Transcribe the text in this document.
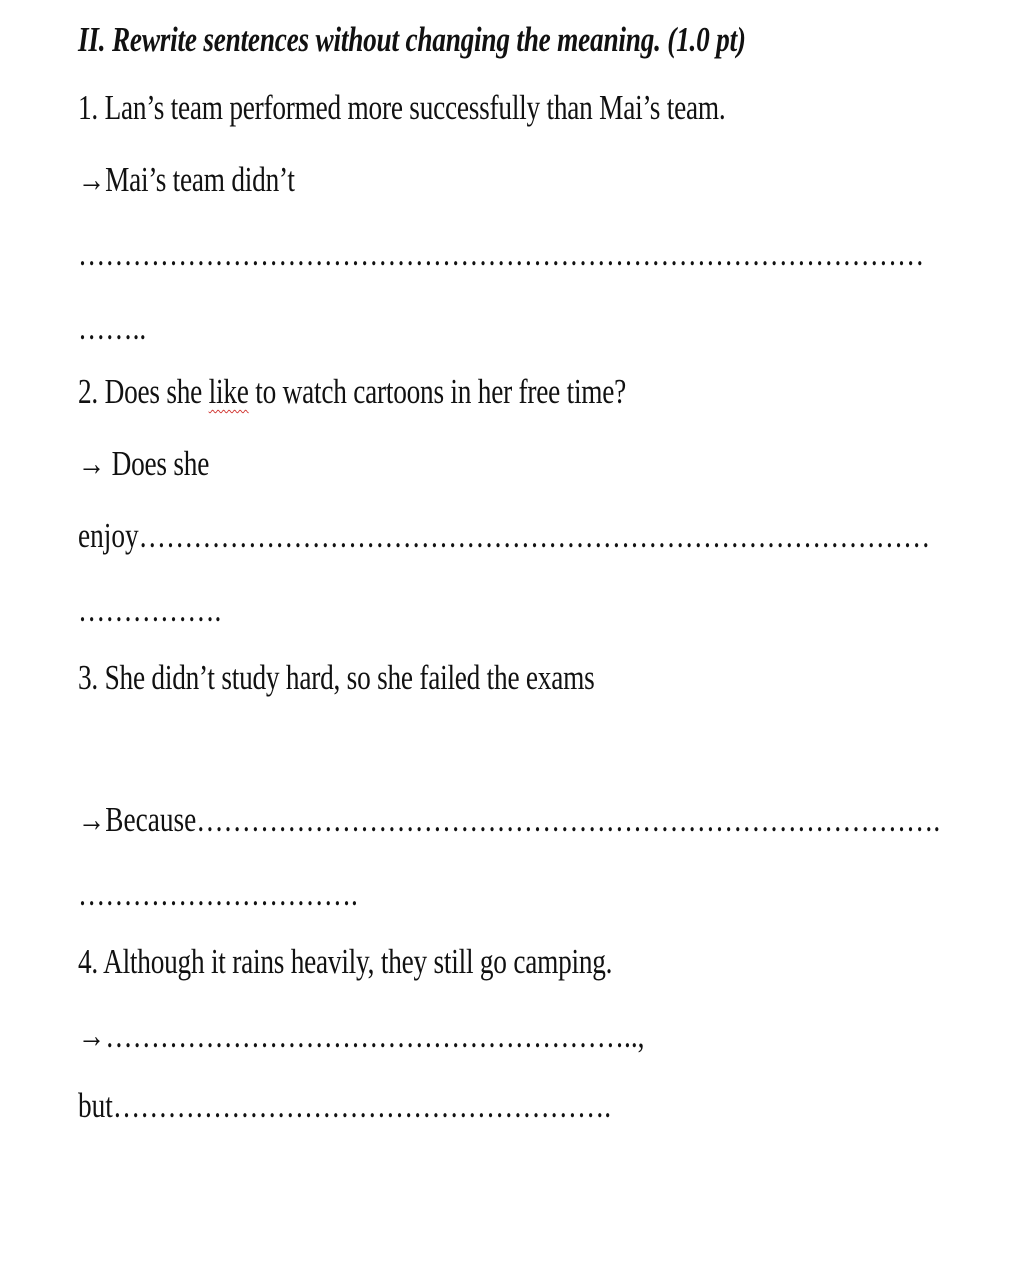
II. Rewrite sentences without changing the meaning. (1.0 pt)
1. Lan’s team performed more successfully than Mai’s team.
→Mai’s team didn’t
…………………………………………………………………………………
……..
2. Does she like to watch cartoons in her free time?
→ Does she
enjoy……………………………………………………………………………
…………….
3. She didn’t study hard, so she failed the exams
→Because……………………………………………………………………….
………………………….
4. Although it rains heavily, they still go camping.
→…………………………………………………..,
but……………………………………………….
